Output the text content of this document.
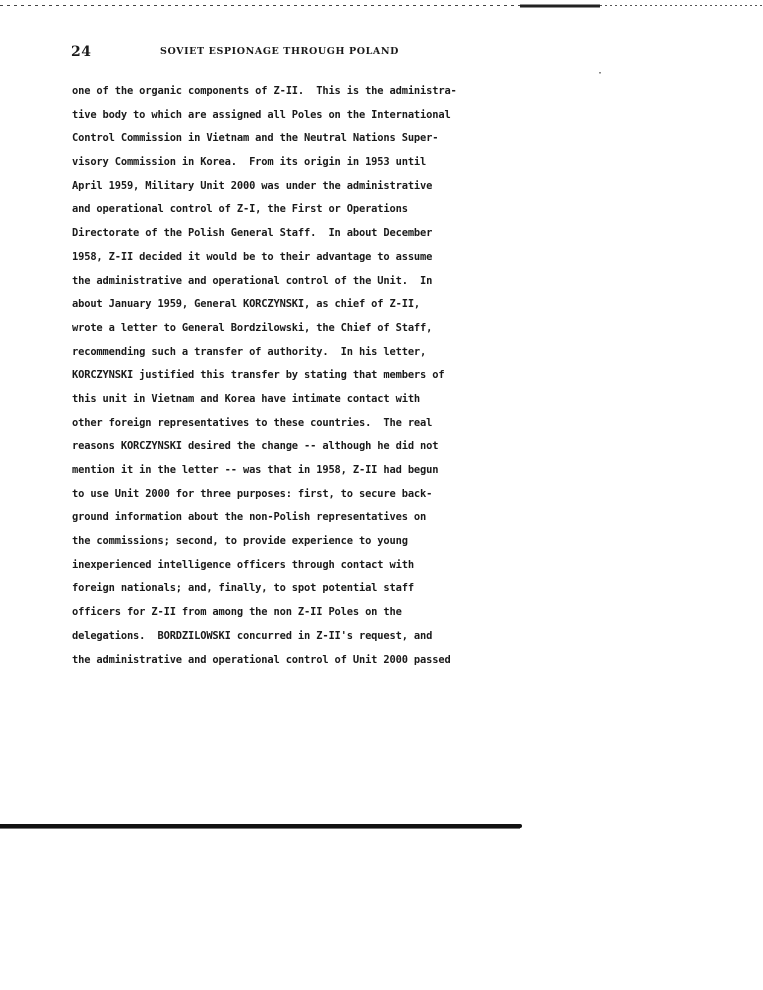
24	SOVIET ESPIONAGE THROUGH POLAND
·
one of the organic components of Z-II.  This is the administra-
tive body to which are assigned all Poles on the International
Control Commission in Vietnam and the Neutral Nations Super-
visory Commission in Korea.  From its origin in 1953 until
April 1959, Military Unit 2000 was under the administrative
and operational control of Z-I, the First or Operations
Directorate of the Polish General Staff.  In about December
1958, Z-II decided it would be to their advantage to assume
the administrative and operational control of the Unit.  In
about January 1959, General KORCZYNSKI, as chief of Z-II,
wrote a letter to General Bordzilowski, the Chief of Staff,
recommending such a transfer of authority.  In his letter,
KORCZYNSKI justified this transfer by stating that members of
this unit in Vietnam and Korea have intimate contact with
other foreign representatives to these countries.  The real
reasons KORCZYNSKI desired the change -- although he did not
mention it in the letter -- was that in 1958, Z-II had begun
to use Unit 2000 for three purposes: first, to secure back-
ground information about the non-Polish representatives on
the commissions; second, to provide experience to young
inexperienced intelligence officers through contact with
foreign nationals; and, finally, to spot potential staff
officers for Z-II from among the non Z-II Poles on the
delegations.  BORDZILOWSKI concurred in Z-II's request, and
the administrative and operational control of Unit 2000 passed
